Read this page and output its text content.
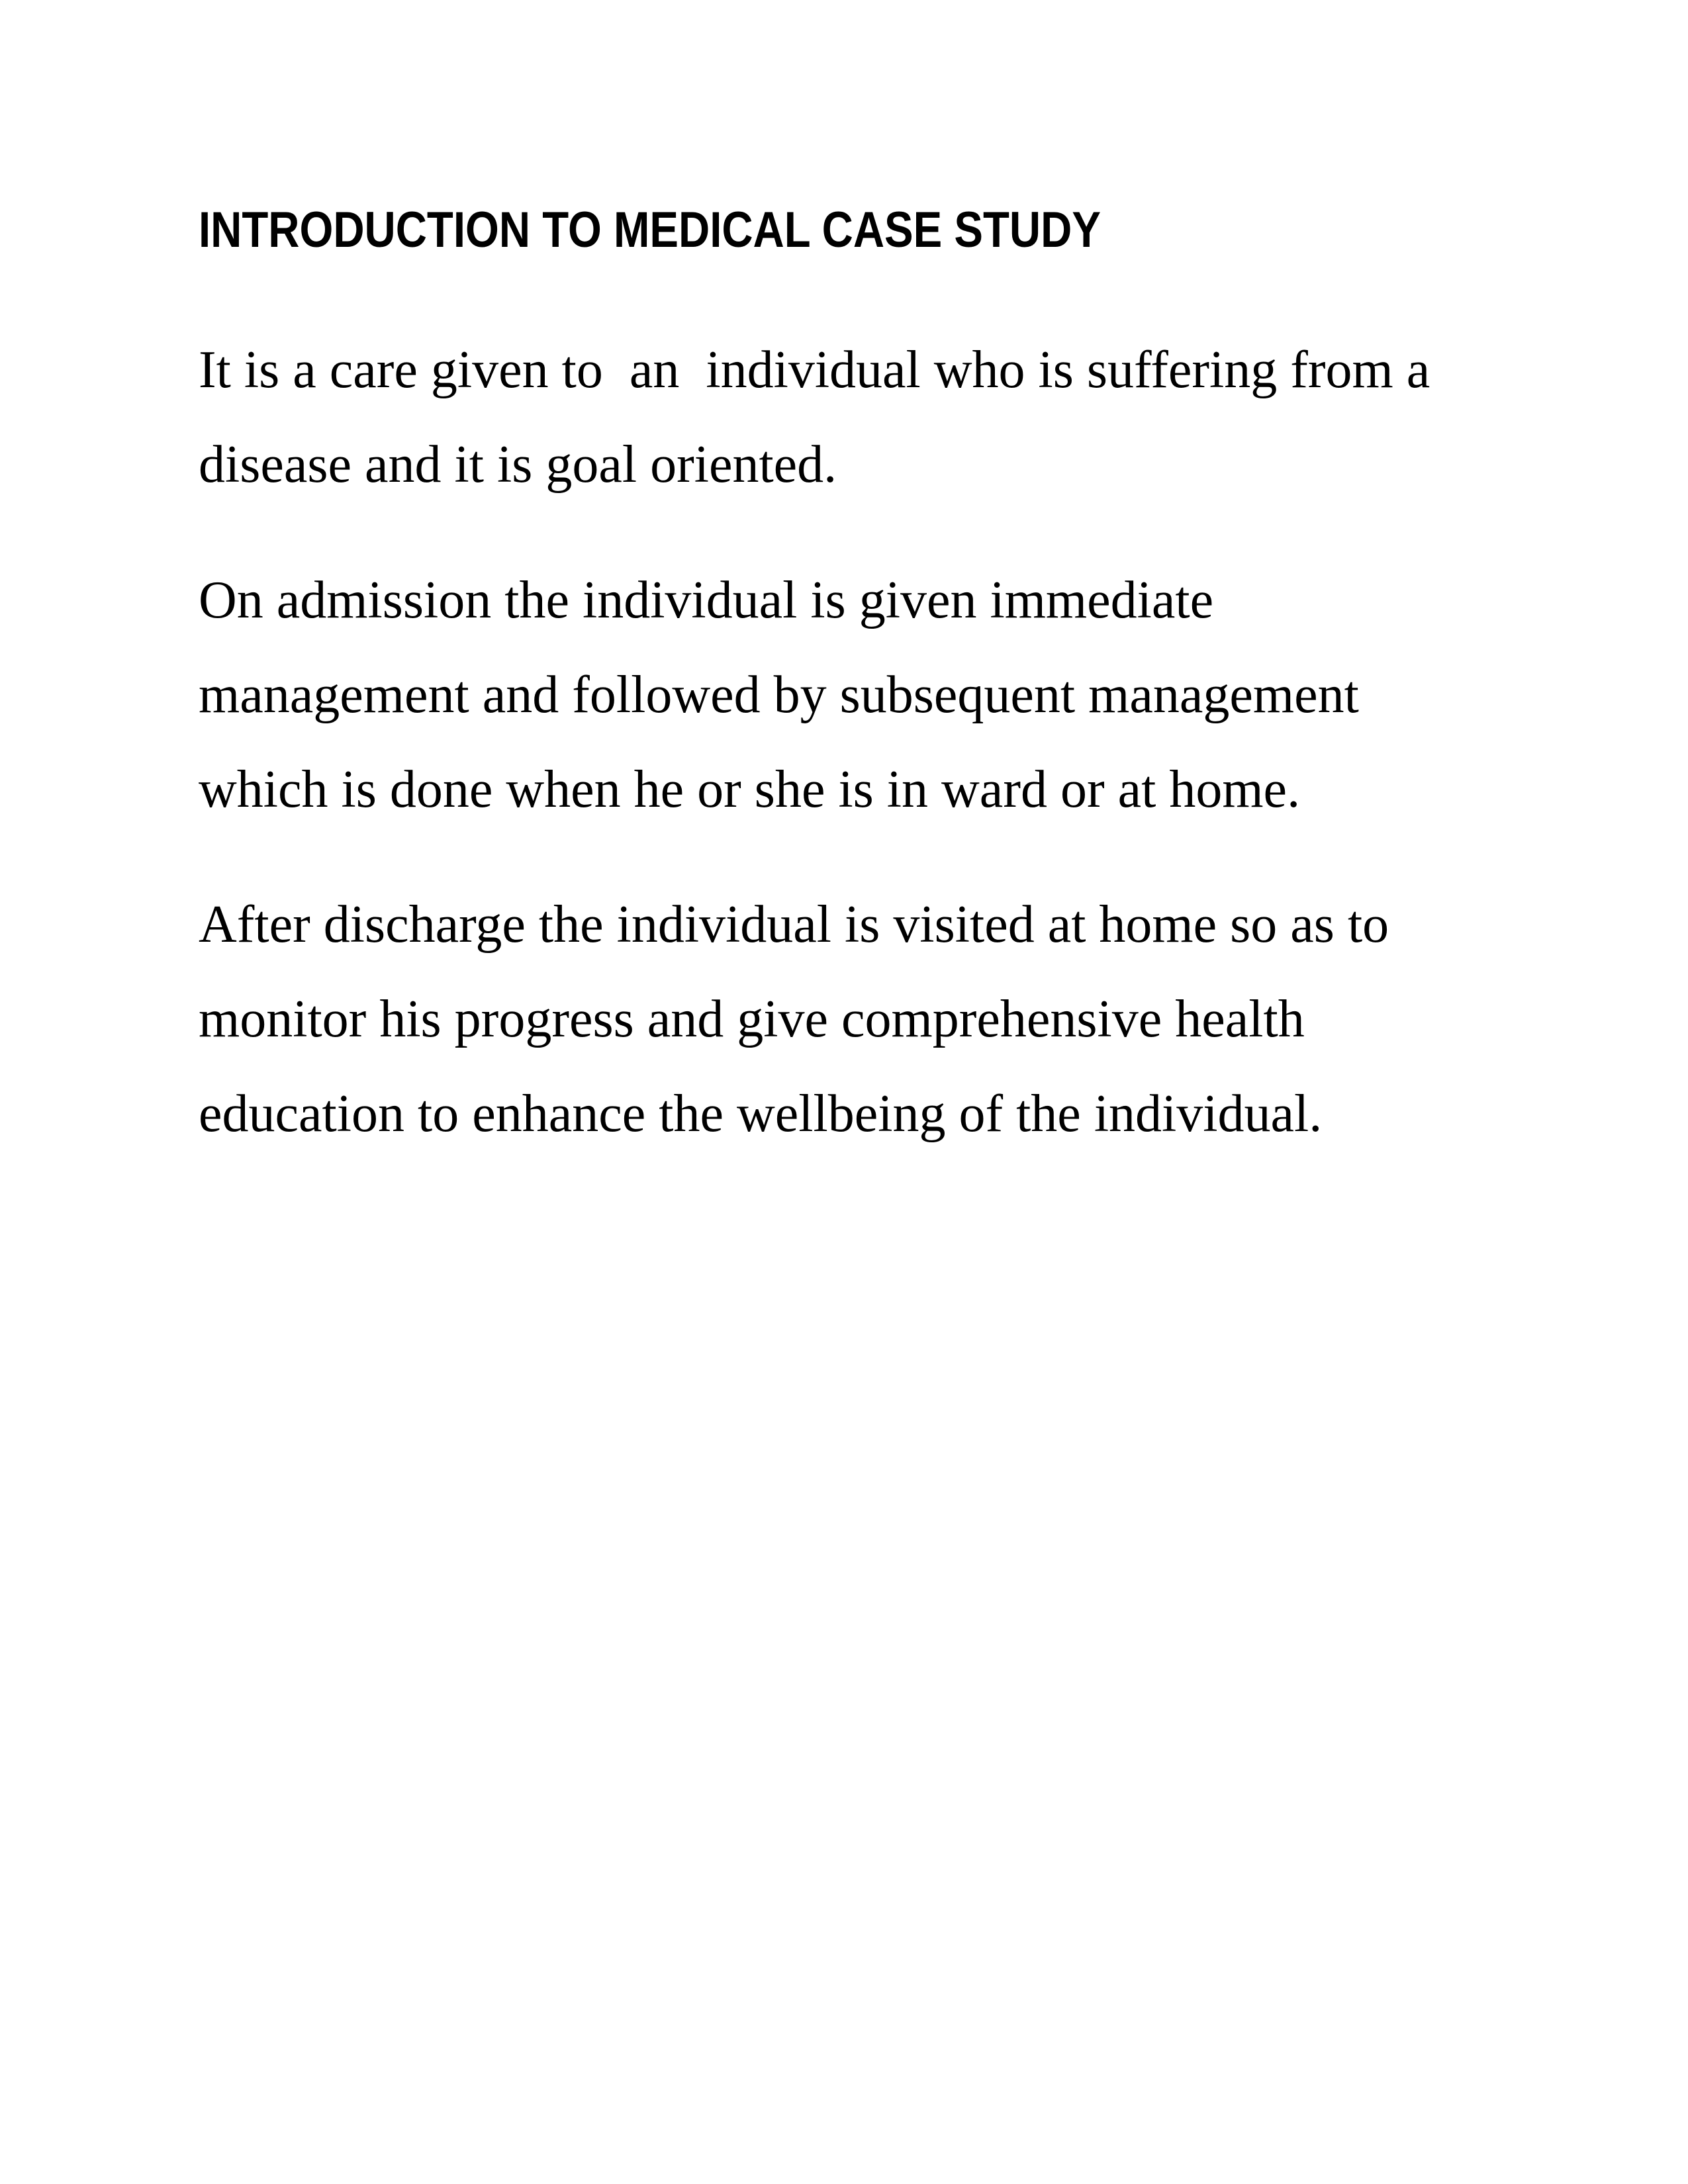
INTRODUCTION TO MEDICAL CASE STUDY

It is a care given to  an  individual who is suffering from a
disease and it is goal oriented.

On admission the individual is given immediate
management and followed by subsequent management
which is done when he or she is in ward or at home.

After discharge the individual is visited at home so as to
monitor his progress and give comprehensive health
education to enhance the wellbeing of the individual.
